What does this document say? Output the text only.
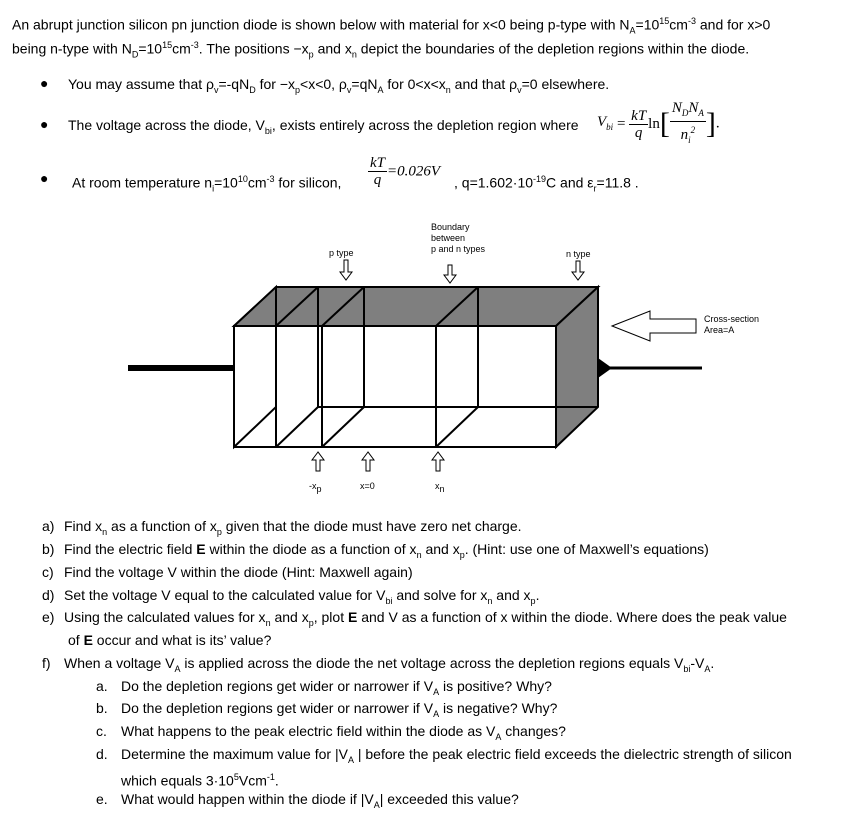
An abrupt junction silicon pn junction diode is shown below with material for x<0 being p-type with $N_A=10^{15}cm^{-3}$ and for x>0
being n-type with $N_D=10^{15}cm^{-3}$. The positions $-x_p$ and $x_n$ depict the boundaries of the depletion regions within the diode.
● You may assume that $\rho_v=-qN_D$ for $-x_p<x<0$, $\rho_v=qN_A$ for $0<x<x_n$ and that $\rho_v=0$ elsewhere.
● The voltage across the diode, $V_{bi}$, exists entirely across the depletion region where $V_{bi} = \frac{kT}{q} \ln[ \frac{N_DN_A}{n_i^2}$ ].
● At room temperature $n_i=10^{10}cm^{-3}$ for silicon, $\frac{kT}{q} =0.026V$
, $q=1.602\cdot 10^{-19}C$ and $\varepsilon_r=11.8$ .
Boundary
between
p and n types
p type	n type
Cross-section
Area=A
$-x_p$	x=0	$x_n$
a) Find $x_n$ as a function of $x_p$ given that the diode must have zero net charge.
b) Find the electric field E within the diode as a function of $x_n$ and $x_p$. (Hint: use one of Maxwell’s equations)
c) Find the voltage V within the diode (Hint: Maxwell again)
d) Set the voltage V equal to the calculated value for $V_{bi}$ and solve for $x_n$ and $x_p$.
e) Using the calculated values for $x_n$ and $x_p$, plot E and V as a function of x within the diode. Where does the peak value
of E occur and what is its’ value?
f) When a voltage $V_A$ is applied across the diode the net voltage across the depletion regions equals $V_{bi}-V_A$.
a. Do the depletion regions get wider or narrower if $V_A$ is positive? Why?
b. Do the depletion regions get wider or narrower if $V_A$ is negative? Why?
c. What happens to the peak electric field within the diode as $V_A$ changes?
d. Determine the maximum value for $|V_A$ | before the peak electric field exceeds the dielectric strength of silicon
which equals $3\cdot 10^5Vcm^{-1}$.
e. What would happen within the diode if $|V_A|$ exceeded this value?
